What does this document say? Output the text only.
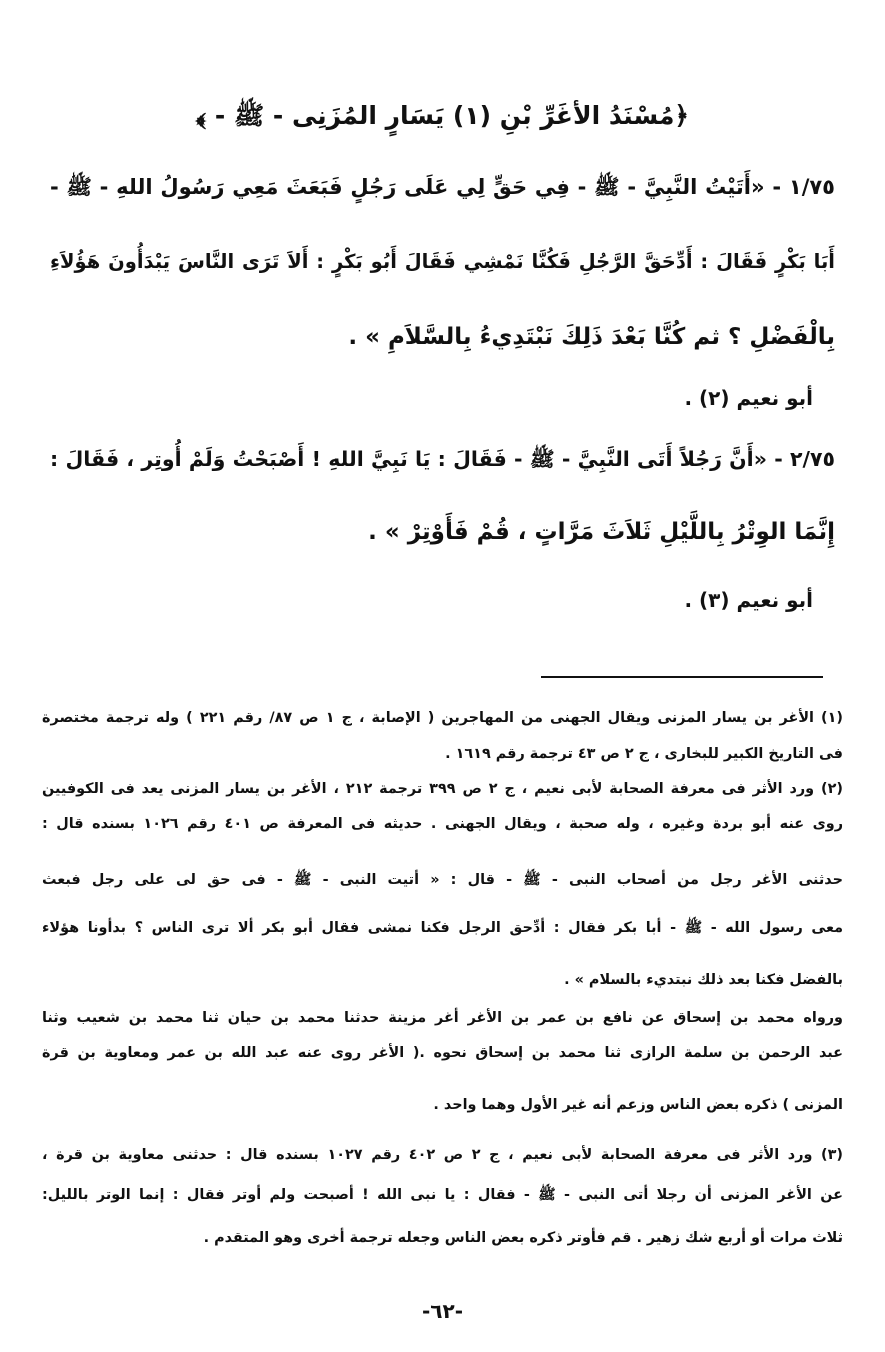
﴿مُسْنَدُ الأغَرِّ بْنِ (١) يَسَارٍ المُزَنِى - ﷺ - ﴾
١/٧٥ - «أَتَيْتُ النَّبِيَّ - ﷺ - فِي حَقٍّ لِي عَلَى رَجُلٍ فَبَعَثَ مَعِي رَسُولُ اللهِ - ﷺ -
أَبَا بَكْرٍ فَقَالَ : أَدِّحَقَّ الرَّجُلِ فَكُنَّا نَمْشِي فَقَالَ أَبُو بَكْرٍ : أَلاَ تَرَى النَّاسَ يَبْدَأُونَ هَؤُلاَءِ
بِالْفَضْلِ ؟ ثم كُنَّا بَعْدَ ذَلِكَ نَبْتَدِيءُ بِالسَّلاَمِ » .
أبو نعيم (٢) .
٢/٧٥ - «أَنَّ رَجُلاً أَتَى النَّبِيَّ - ﷺ - فَقَالَ : يَا نَبِيَّ اللهِ ! أَصْبَحْتُ وَلَمْ أُوتِر ، فَقَالَ :
إِنَّمَا الوِتْرُ بِاللَّيْلِ ثَلاَثَ مَرَّاتٍ ، قُمْ فَأَوْتِرْ » .
أبو نعيم (٣) .
(١) الأغر بن يسار المزنى ويقال الجهنى من المهاجرين ( الإصابة ، ج ١ ص ٨٧/ رقم ٢٢١ ) وله ترجمة مختصرة
فى التاريخ الكبير للبخارى ، ج ٢ ص ٤٣ ترجمة رقم ١٦١٩ .
(٢) ورد الأثر فى معرفة الصحابة لأبى نعيم ، ج ٢ ص ٣٩٩ ترجمة ٢١٢ ، الأغر بن يسار المزنى يعد فى الكوفيين
روى عنه أبو بردة وغيره ، وله صحبة ، ويقال الجهنى . حديثه فى المعرفة ص ٤٠١ رقم ١٠٢٦ بسنده قال :
حدثنى الأغر رجل من أصحاب النبى - ﷺ - قال : « أتيت النبى - ﷺ - فى حق لى على رجل فبعث
معى رسول الله - ﷺ - أبا بكر فقال : أدِّحق الرجل فكنا نمشى فقال أبو بكر ألا ترى الناس ؟ بدأونا هؤلاء
بالفضل فكنا بعد ذلك نبتديء بالسلام » .
ورواه محمد بن إسحاق عن نافع بن عمر بن الأغر أغر مزينة حدثنا محمد بن حيان ثنا محمد بن شعيب وثنا
عبد الرحمن بن سلمة الرازى ثنا محمد بن إسحاق نحوه .( الأغر روى عنه عبد الله بن عمر ومعاوية بن قرة
المزنى ) ذكره بعض الناس وزعم أنه غير الأول وهما واحد .
(٣) ورد الأثر فى معرفة الصحابة لأبى نعيم ، ج ٢ ص ٤٠٢ رقم ١٠٢٧ بسنده قال : حدثنى معاوية بن قرة ،
عن الأغر المزنى أن رجلا أتى النبى - ﷺ - فقال : يا نبى الله ! أصبحت ولم أوتر فقال : إنما الوتر بالليل:
ثلاث مرات أو أربع شك زهير . قم فأوتر ذكره بعض الناس وجعله ترجمة أخرى وهو المتقدم .
-٦٢-
